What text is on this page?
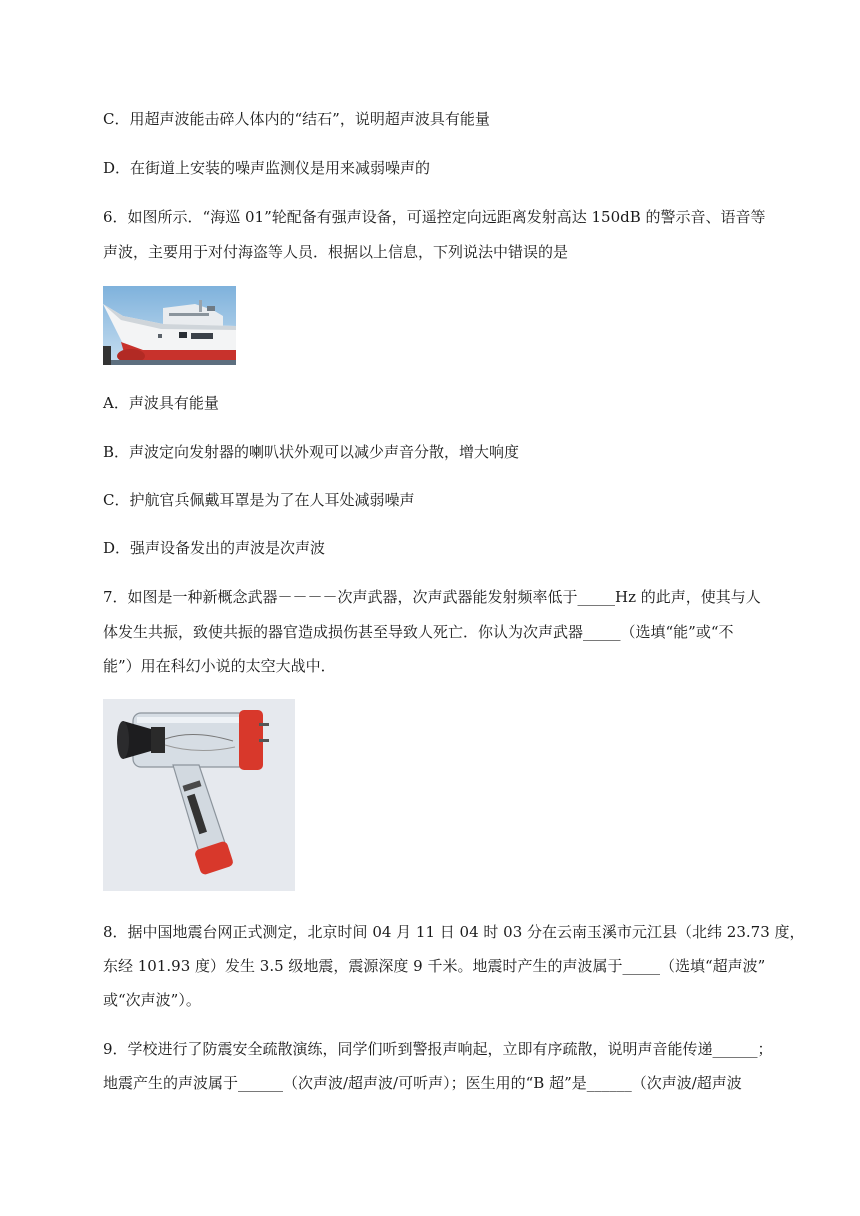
C．用超声波能击碎人体内的“结石”，说明超声波具有能量
D．在街道上安装的噪声监测仪是用来减弱噪声的
6．如图所示．“海巡 01”轮配备有强声设备，可遥控定向远距离发射高达 150dB 的警示音、语音等
声波，主要用于对付海盗等人员．根据以上信息，下列说法中错误的是
A．声波具有能量
B．声波定向发射器的喇叭状外观可以减少声音分散，增大响度
C．护航官兵佩戴耳罩是为了在人耳处减弱噪声
D．强声设备发出的声波是次声波
7．如图是一种新概念武器－－－－次声武器，次声武器能发射频率低于_____Hz 的此声，使其与人
体发生共振，致使共振的器官造成损伤甚至导致人死亡．你认为次声武器_____（选填“能”或“不
能”）用在科幻小说的太空大战中．
8．据中国地震台网正式测定，北京时间 04 月 11 日 04 时 03 分在云南玉溪市元江县（北纬 23.73 度，
东经 101.93 度）发生 3.5 级地震，震源深度 9 千米。地震时产生的声波属于_____（选填“超声波”
或“次声波”）。
9．学校进行了防震安全疏散演练，同学们听到警报声响起，立即有序疏散，说明声音能传递______；
地震产生的声波属于______（次声波/超声波/可听声）；医生用的“B 超”是______（次声波/超声波
